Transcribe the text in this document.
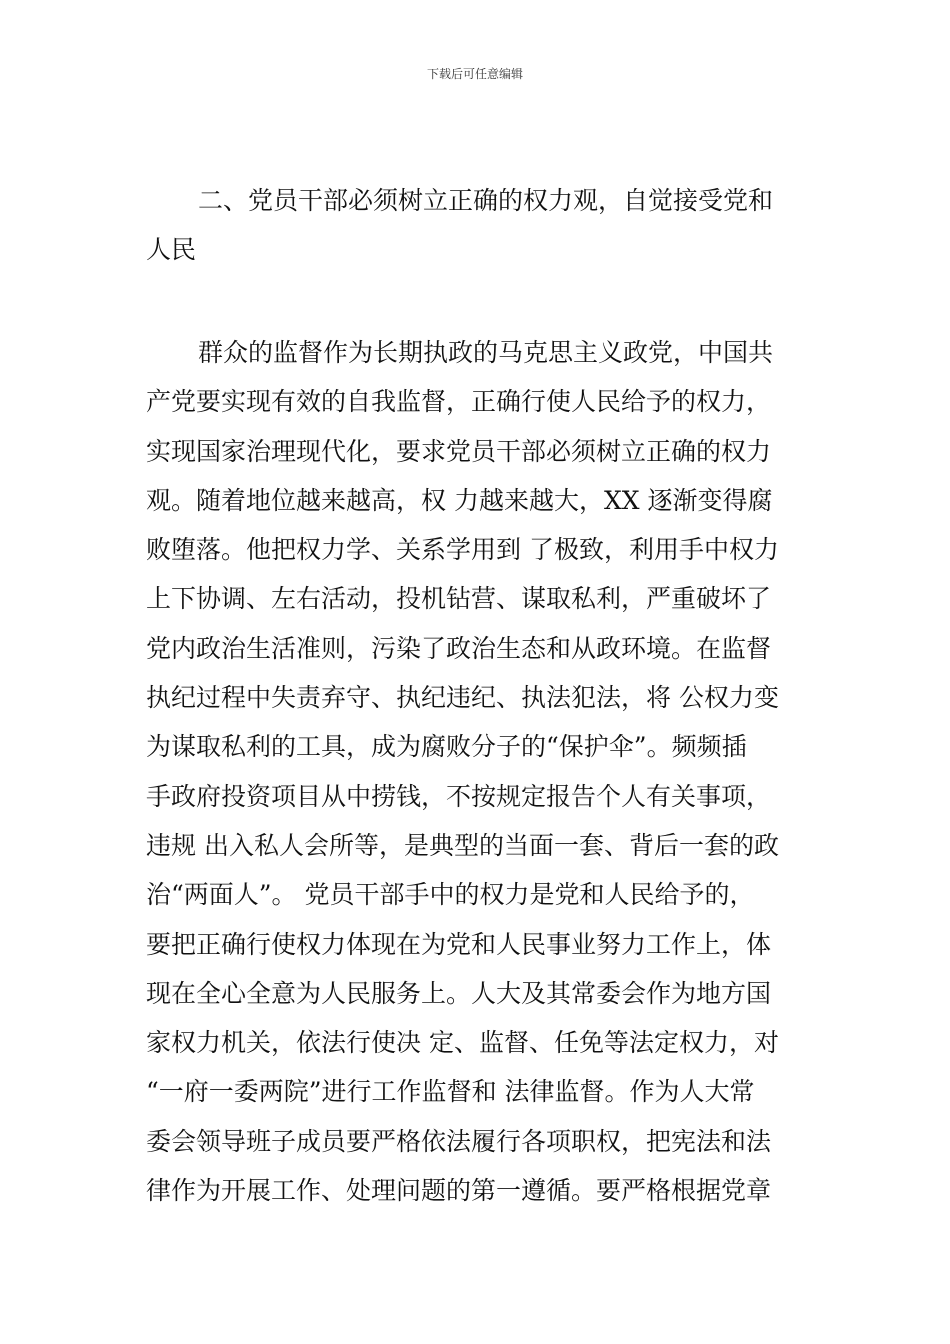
下载后可任意编辑
二、党员干部必须树立正确的权力观，自觉接受党和
人民
群众的监督作为长期执政的马克思主义政党，中国共
产党要实现有效的自我监督，正确行使人民给予的权力，
实现国家治理现代化，要求党员干部必须树立正确的权力
观。随着地位越来越高，权 力越来越大，XX 逐渐变得腐
败堕落。他把权力学、关系学用到 了极致，利用手中权力
上下协调、左右活动，投机钻营、谋取私利，严重破坏了
党内政治生活准则，污染了政治生态和从政环境。在监督
执纪过程中失责弃守、执纪违纪、执法犯法，将 公权力变
为谋取私利的工具，成为腐败分子的“保护伞”。频频插
手政府投资项目从中捞钱，不按规定报告个人有关事项，
违规 出入私人会所等，是典型的当面一套、背后一套的政
治“两面人”。 党员干部手中的权力是党和人民给予的，
要把正确行使权力体现在为党和人民事业努力工作上，体
现在全心全意为人民服务上。人大及其常委会作为地方国
家权力机关，依法行使决 定、监督、任免等法定权力，对
“一府一委两院”进行工作监督和 法律监督。作为人大常
委会领导班子成员要严格依法履行各项职权，把宪法和法
律作为开展工作、处理问题的第一遵循。要严格根据党章
